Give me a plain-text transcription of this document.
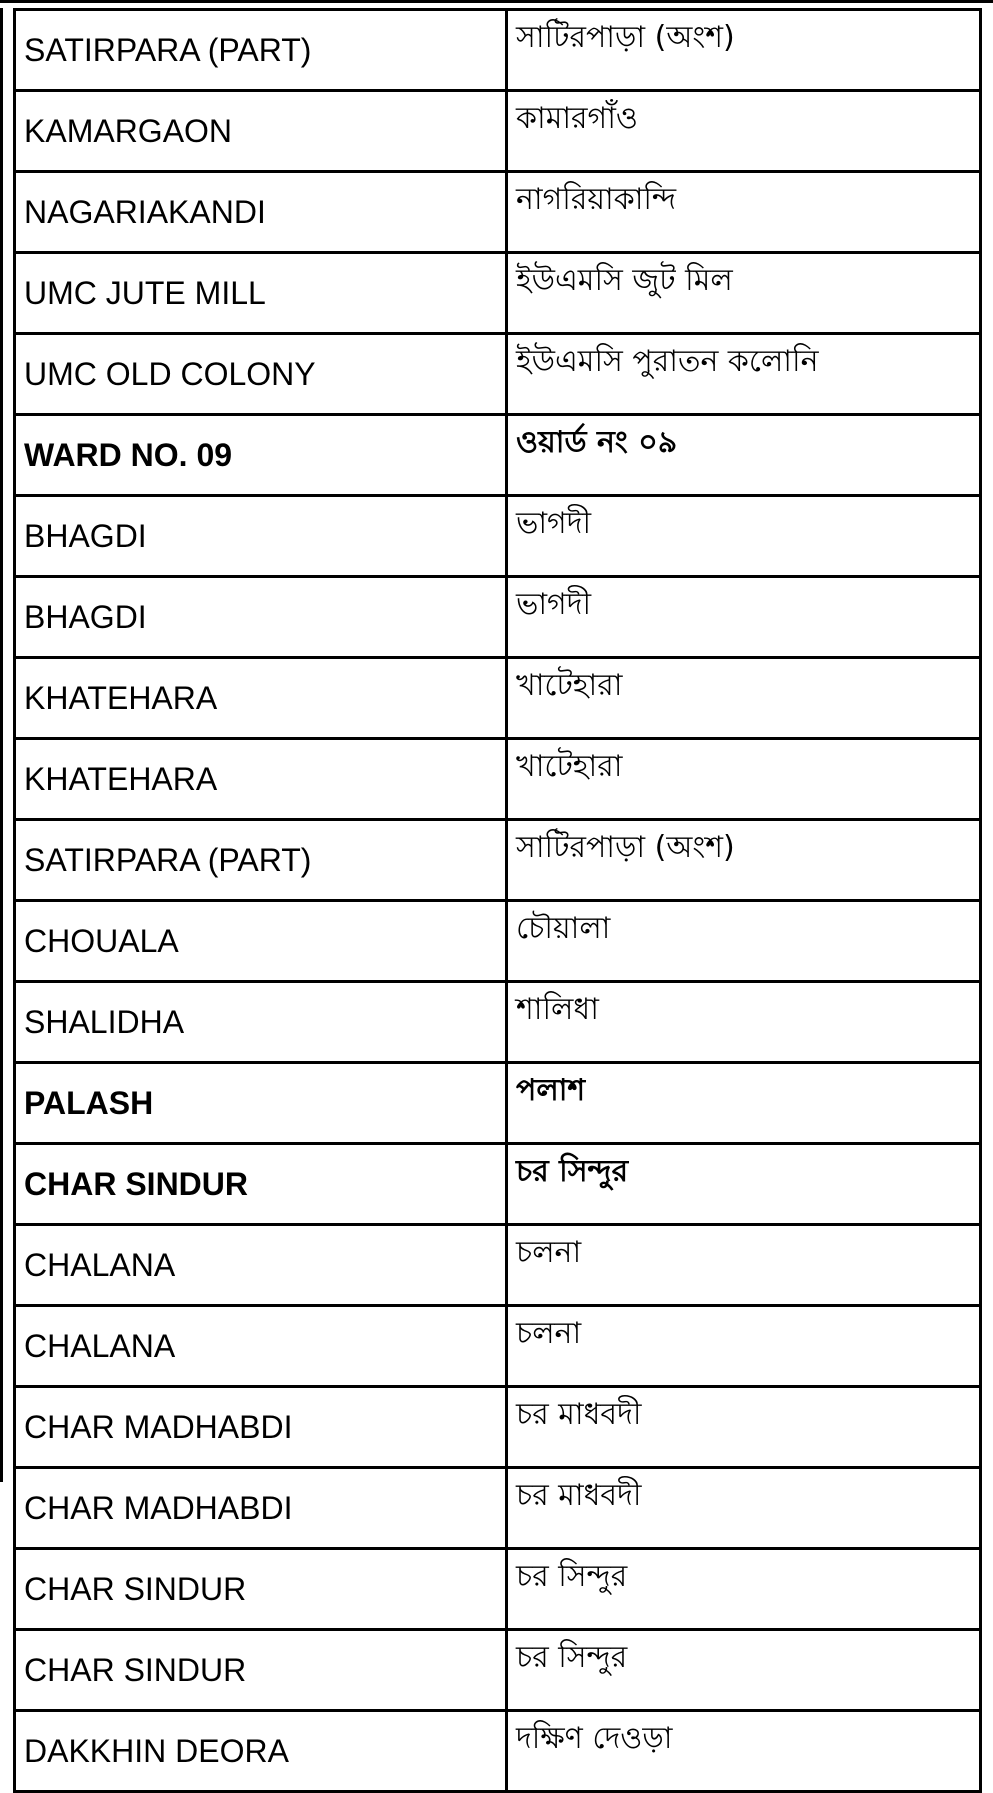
SATIRPARA (PART)	সাটিরপাড়া (অংশ)
KAMARGAON	কামারগাঁও
NAGARIAKANDI	নাগরিয়াকান্দি
UMC JUTE MILL	ইউএমসি জুট মিল
UMC OLD COLONY	ইউএমসি পুরাতন কলোনি
WARD NO. 09	ওয়ার্ড নং ০৯
BHAGDI	ভাগদী
BHAGDI	ভাগদী
KHATEHARA	খাটেহারা
KHATEHARA	খাটেহারা
SATIRPARA (PART)	সাটিরপাড়া (অংশ)
CHOUALA	চৌয়ালা
SHALIDHA	শালিধা
PALASH	পলাশ
CHAR SINDUR	চর সিন্দুর
CHALANA	চলনা
CHALANA	চলনা
CHAR MADHABDI	চর মাধবদী
CHAR MADHABDI	চর মাধবদী
CHAR SINDUR	চর সিন্দুর
CHAR SINDUR	চর সিন্দুর
DAKKHIN DEORA	দক্ষিণ দেওড়া
